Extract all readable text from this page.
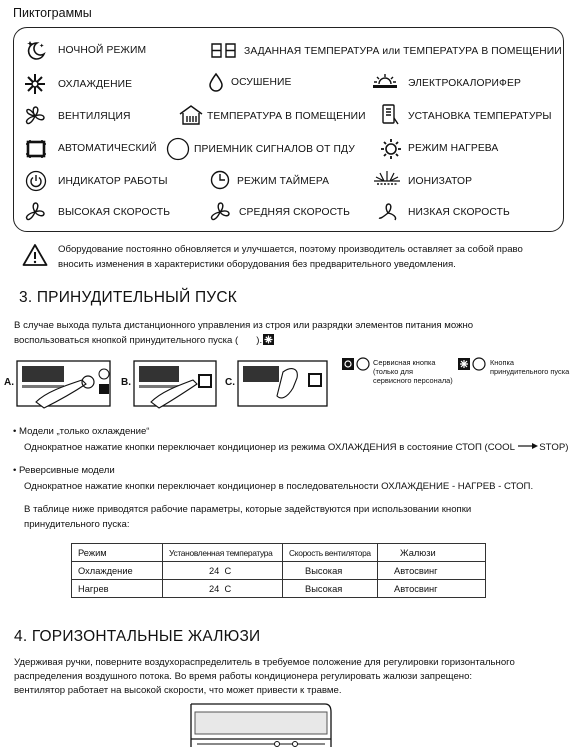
Пиктограммы
НОЧНОЙ РЕЖИМ	ЗАДАННАЯ ТЕМПЕРАТУРА или ТЕМПЕРАТУРА В ПОМЕЩЕНИИ
ОХЛАЖДЕНИЕ	ОСУШЕНИЕ	ЭЛЕКТРОКАЛОРИФЕР
ВЕНТИЛЯЦИЯ	ТЕМПЕРАТУРА В ПОМЕЩЕНИИ	УСТАНОВКА ТЕМПЕРАТУРЫ
АВТОМАТИЧЕСКИЙ	ПРИЕМНИК СИГНАЛОВ ОТ ПДУ	РЕЖИМ НАГРЕВА
ИНДИКАТОР РАБОТЫ	РЕЖИМ ТАЙМЕРА	ИОНИЗАТОР
ВЫСОКАЯ СКОРОСТЬ	СРЕДНЯЯ СКОРОСТЬ	НИЗКАЯ СКОРОСТЬ
Оборудование постоянно обновляется и улучшается, поэтому производитель оставляет за собой право
вносить изменения в характеристики оборудования без предварительного уведомления.
3. ПРИНУДИТЕЛЬНЫЙ ПУСК
В случае выхода пульта дистанционного управления из строя или разрядки элементов питания можно
воспользоваться кнопкой принудительного пуска ( ).
A.	B.	C.
Сервисная кнопка
(только для
сервисного персонала)
Кнопка
принудительного пуска
• Модели „только охлаждение“
Однократное нажатие кнопки переключает кондиционер из режима ОХЛАЖДЕНИЯ в состояние СТОП (COOL STOP)
• Реверсивные модели
Однократное нажатие кнопки переключает кондиционер в последовательности ОХЛАЖДЕНИЕ - НАГРЕВ - СТОП.
В таблице ниже приводятся рабочие параметры, которые задействуются при использовании кнопки
принудительного пуска:
Режим	Установленная температура	Скорость вентилятора	Жалюзи
Охлаждение	24 C	Высокая	Автосвинг
Нагрев	24 C	Высокая	Автосвинг
4. ГОРИЗОНТАЛЬНЫЕ ЖАЛЮЗИ
Удерживая ручки, поверните воздухораспределитель в требуемое положение для регулировки горизонтального
распределения воздушного потока. Во время работы кондиционера регулировать жалюзи запрещено:
вентилятор работает на высокой скорости, что может привести к травме.
